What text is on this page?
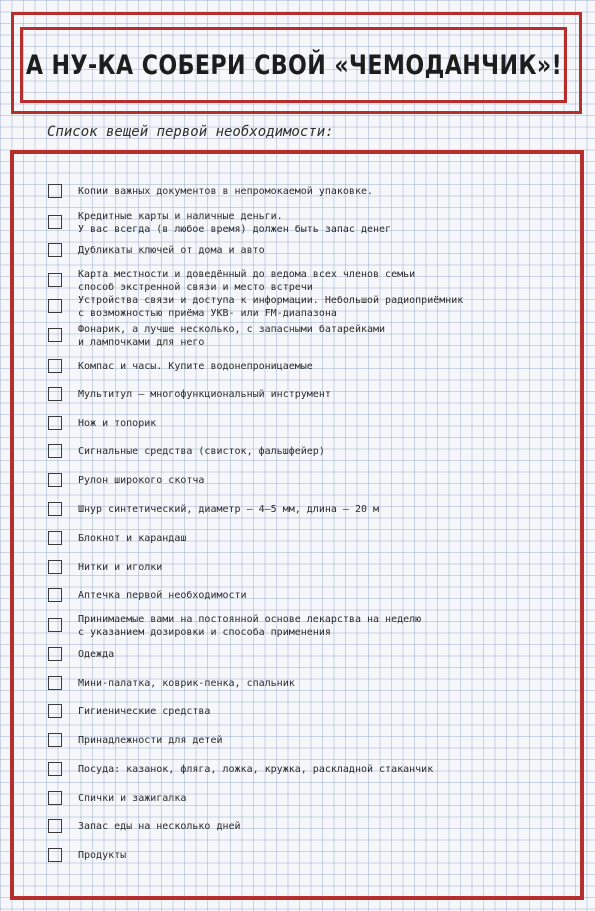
А НУ-КА СОБЕРИ СВОЙ «ЧЕМОДАНЧИК»!
Список вещей первой необходимости:
Копии важных документов в непромокаемой упаковке.
Кредитные карты и наличные деньги.
У вас всегда (в любое время) должен быть запас денег
Дубликаты ключей от дома и авто
Карта местности и доведённый до ведома всех членов семьи
способ экстренной связи и место встречи
Устройства связи и доступа к информации. Небольшой радиоприёмник
с возможностью приёма УКВ- или FM-диапазона
Фонарик, а лучше несколько, с запасными батарейками
и лампочками для него
Компас и часы. Купите водонепроницаемые
Мультитул – многофункциональный инструмент
Нож и топорик
Сигнальные средства (свисток, фальшфейер)
Рулон широкого скотча
Шнур синтетический, диаметр – 4–5 мм, длина – 20 м
Блокнот и карандаш
Нитки и иголки
Аптечка первой необходимости
Принимаемые вами на постоянной основе лекарства на неделю
с указанием дозировки и способа применения
Одежда
Мини-палатка, коврик-пенка, спальник
Гигиенические средства
Принадлежности для детей
Посуда: казанок, фляга, ложка, кружка, раскладной стаканчик
Спички и зажигалка
Запас еды на несколько дней
Продукты
